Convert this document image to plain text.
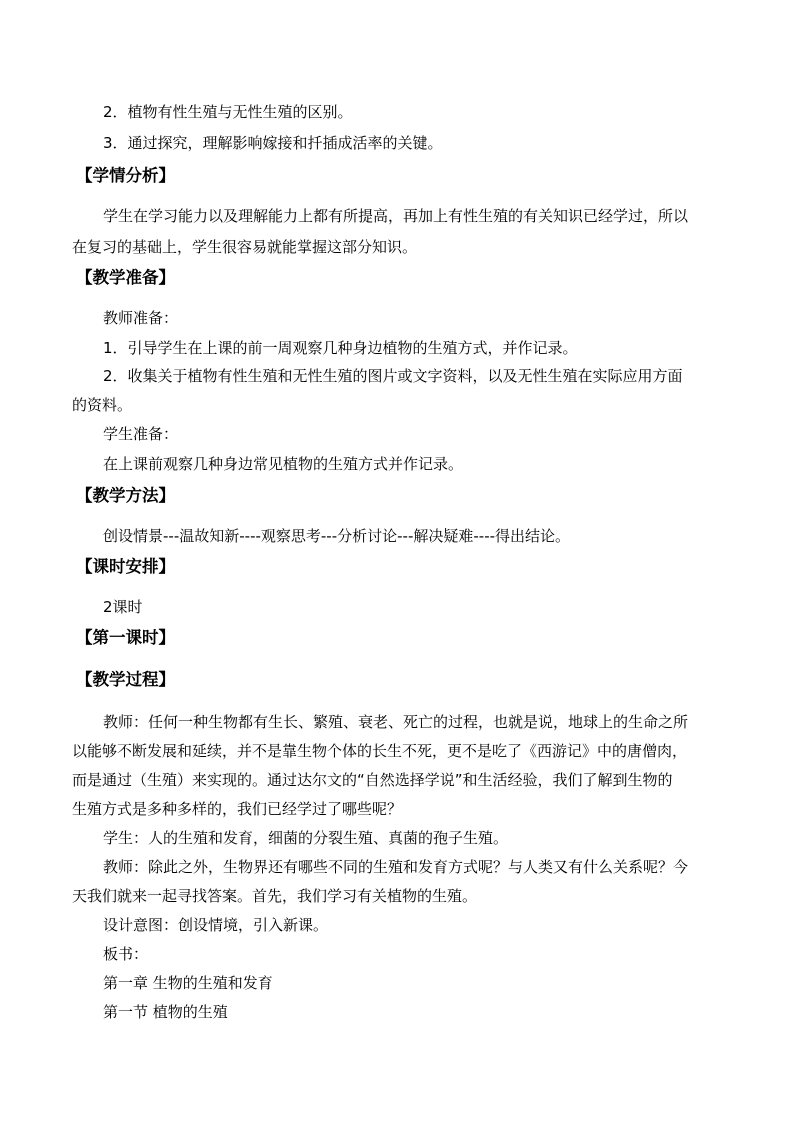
2．植物有性生殖与无性生殖的区别。
3．通过探究，理解影响嫁接和扦插成活率的关键。
【学情分析】
学生在学习能力以及理解能力上都有所提高，再加上有性生殖的有关知识已经学过，所以
在复习的基础上，学生很容易就能掌握这部分知识。
【教学准备】
教师准备：
1．引导学生在上课的前一周观察几种身边植物的生殖方式，并作记录。
2．收集关于植物有性生殖和无性生殖的图片或文字资料，以及无性生殖在实际应用方面
的资料。
学生准备：
在上课前观察几种身边常见植物的生殖方式并作记录。
【教学方法】
创设情景---温故知新----观察思考---分析讨论---解决疑难----得出结论。
【课时安排】
2课时
【第一课时】
【教学过程】
教师：任何一种生物都有生长、繁殖、衰老、死亡的过程，也就是说，地球上的生命之所
以能够不断发展和延续，并不是靠生物个体的长生不死，更不是吃了《西游记》中的唐僧肉，
而是通过（生殖）来实现的。通过达尔文的“自然选择学说”和生活经验，我们了解到生物的
生殖方式是多种多样的，我们已经学过了哪些呢？
学生：人的生殖和发育，细菌的分裂生殖、真菌的孢子生殖。
教师：除此之外，生物界还有哪些不同的生殖和发育方式呢？与人类又有什么关系呢？今
天我们就来一起寻找答案。首先，我们学习有关植物的生殖。
设计意图：创设情境，引入新课。
板书：
第一章 生物的生殖和发育
第一节 植物的生殖
